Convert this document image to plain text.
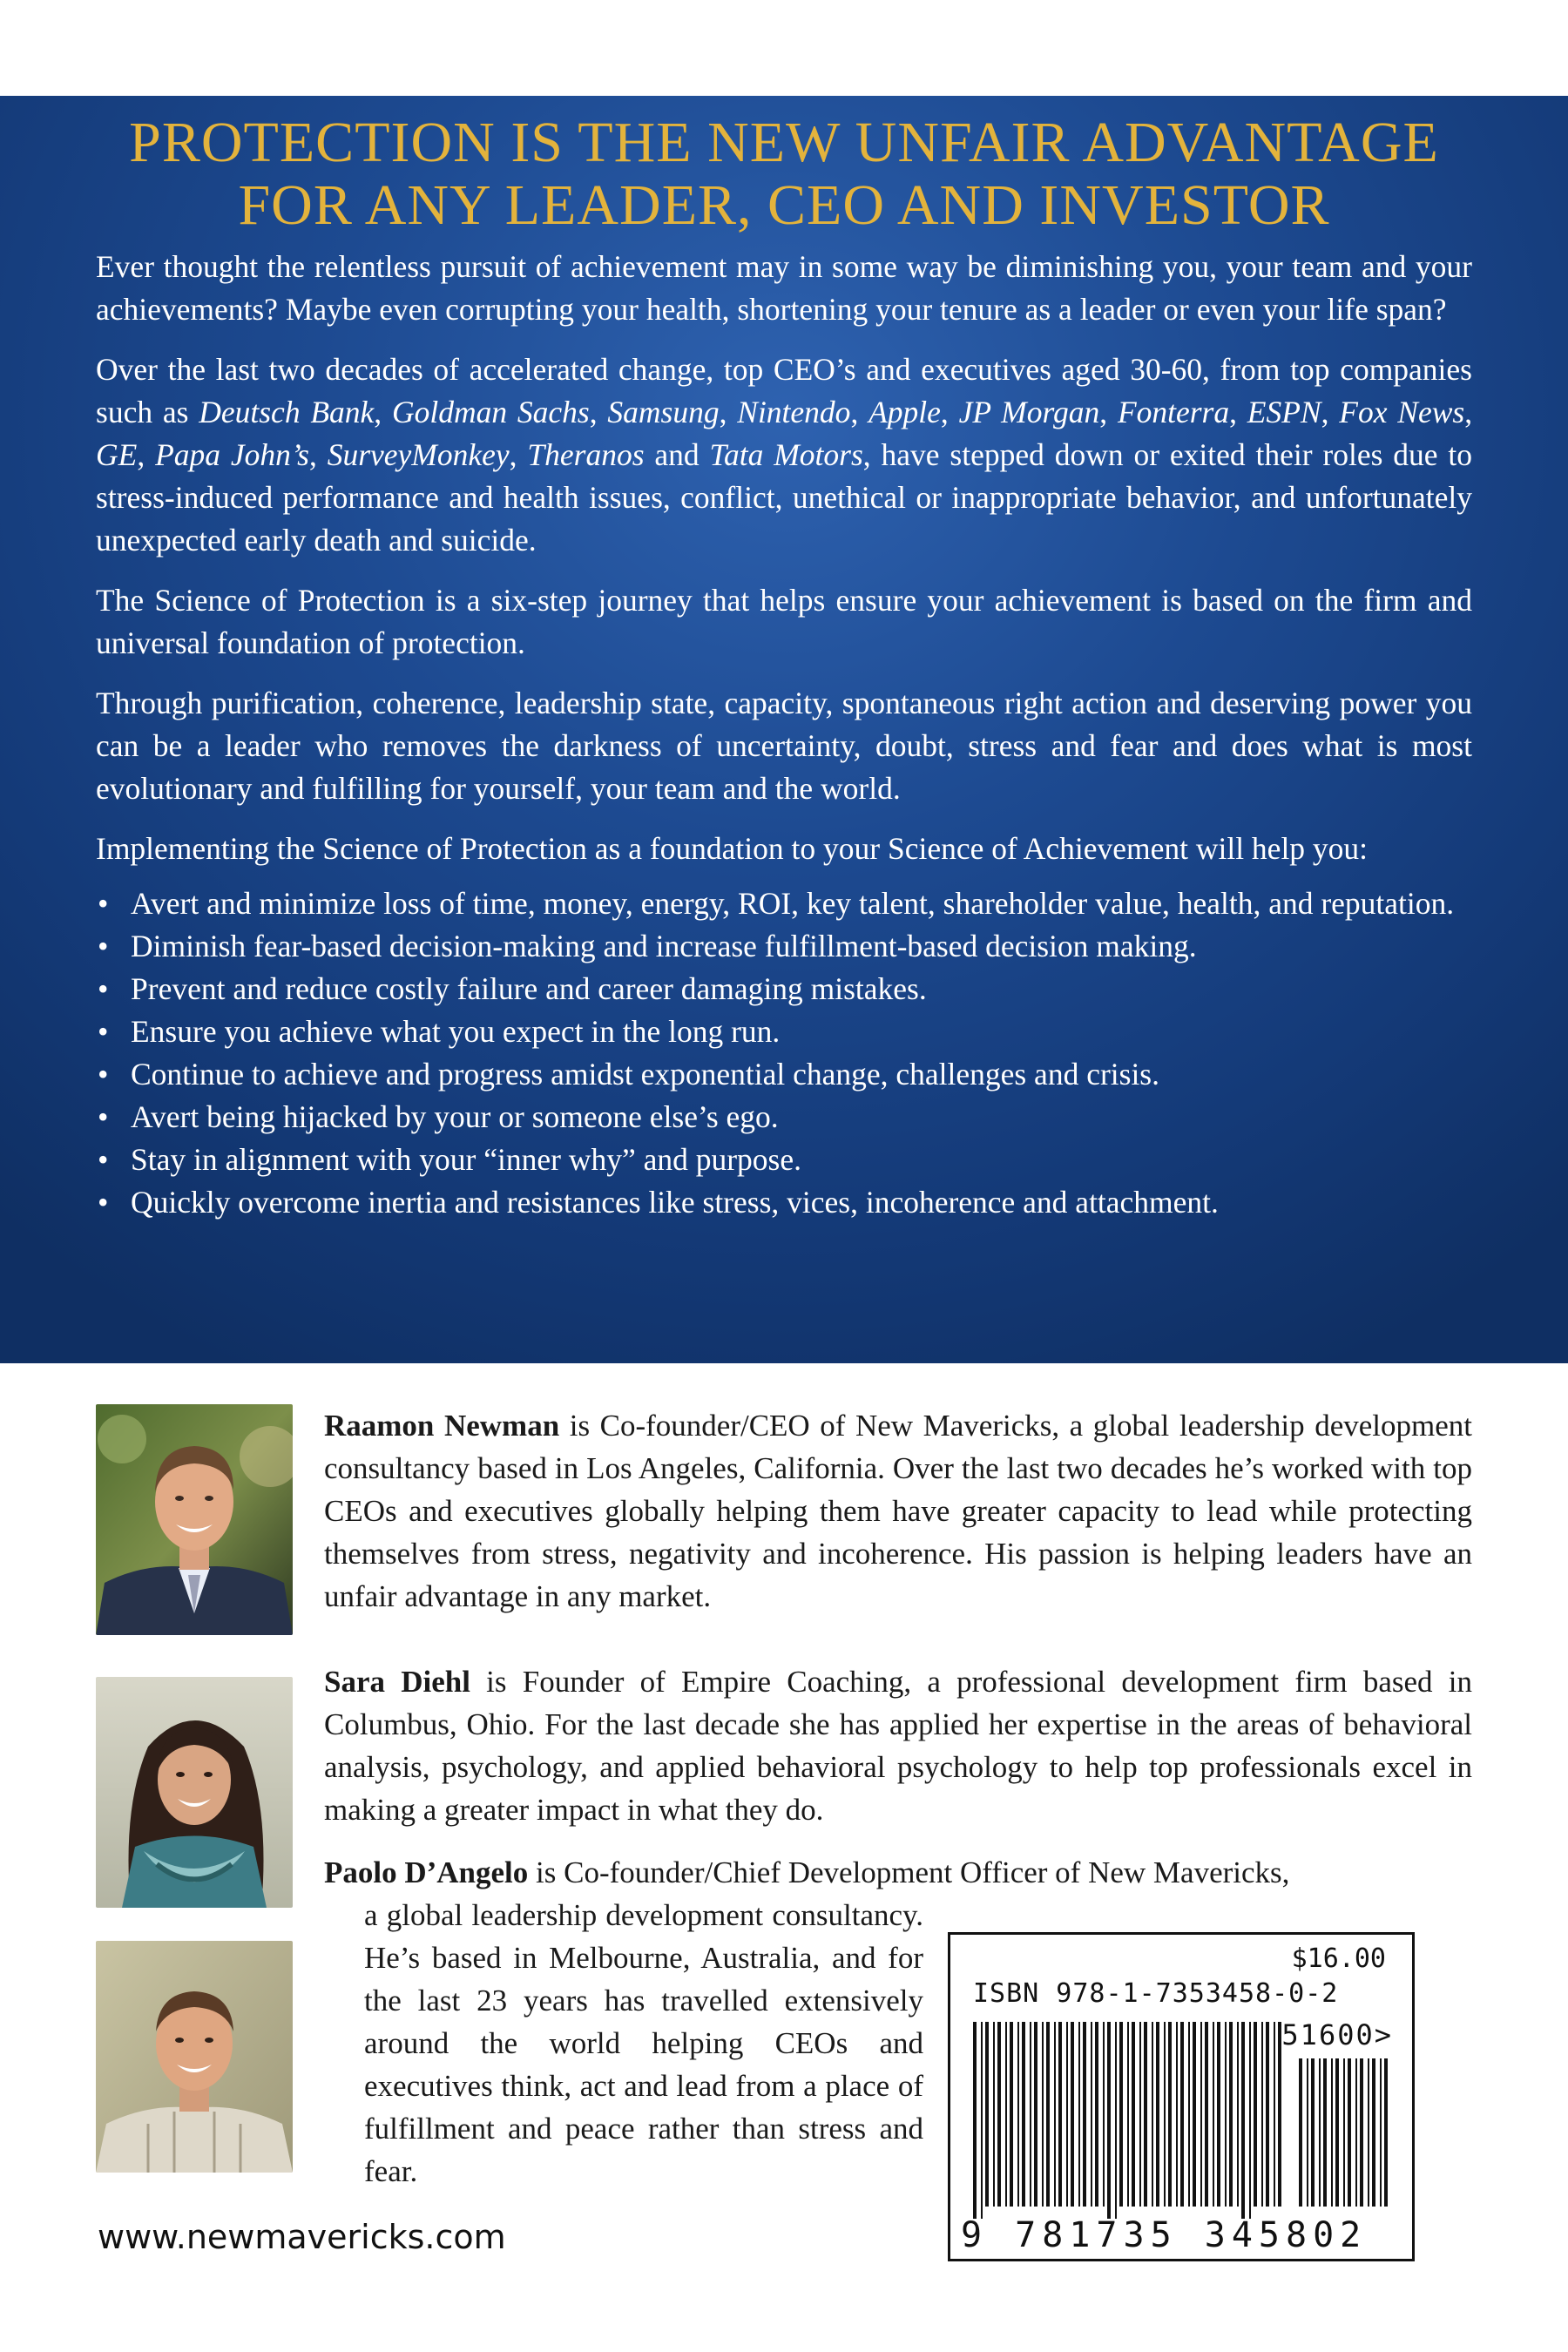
PROTECTION IS THE NEW UNFAIR ADVANTAGE
FOR ANY LEADER, CEO AND INVESTOR

Ever thought the relentless pursuit of achievement may in some way be diminishing you, your team and your achievements? Maybe even corrupting your health, shortening your tenure as a leader or even your life span?

Over the last two decades of accelerated change, top CEO’s and executives aged 30-60, from top companies such as Deutsch Bank, Goldman Sachs, Samsung, Nintendo, Apple, JP Morgan, Fonterra, ESPN, Fox News, GE, Papa John’s, SurveyMonkey, Theranos and Tata Motors, have stepped down or exited their roles due to stress-induced performance and health issues, conflict, unethical or inappropriate behavior, and unfortunately unexpected early death and suicide.

The Science of Protection is a six-step journey that helps ensure your achievement is based on the firm and universal foundation of protection.

Through purification, coherence, leadership state, capacity, spontaneous right action and deserving power you can be a leader who removes the darkness of uncertainty, doubt, stress and fear and does what is most evolutionary and fulfilling for yourself, your team and the world.

Implementing the Science of Protection as a foundation to your Science of Achievement will help you:

• Avert and minimize loss of time, money, energy, ROI, key talent, shareholder value, health, and reputation.
• Diminish fear-based decision-making and increase fulfillment-based decision making.
• Prevent and reduce costly failure and career damaging mistakes.
• Ensure you achieve what you expect in the long run.
• Continue to achieve and progress amidst exponential change, challenges and crisis.
• Avert being hijacked by your or someone else’s ego.
• Stay in alignment with your “inner why” and purpose.
• Quickly overcome inertia and resistances like stress, vices, incoherence and attachment.
Raamon Newman is Co-founder/CEO of New Mavericks, a global leadership development consultancy based in Los Angeles, California. Over the last two decades he’s worked with top CEOs and executives globally helping them have greater capacity to lead while protecting themselves from stress, negativity and incoherence. His passion is helping leaders have an unfair advantage in any market.
Sara Diehl is Founder of Empire Coaching, a professional development firm based in Columbus, Ohio. For the last decade she has applied her expertise in the areas of behavioral analysis, psychology, and applied behavioral psychology to help top professionals excel in making a greater impact in what they do.
Paolo D’Angelo is Co-founder/Chief Development Officer of New Mavericks,
a global leadership development consultancy. He’s based in Melbourne, Australia, and for the last 23 years has travelled extensively around the world helping CEOs and executives think, act and lead from a place of fulfillment and peace rather than stress and fear.
www.newmavericks.com
$16.00
ISBN 978-1-7353458-0-2
51600>
9 781735 345802
